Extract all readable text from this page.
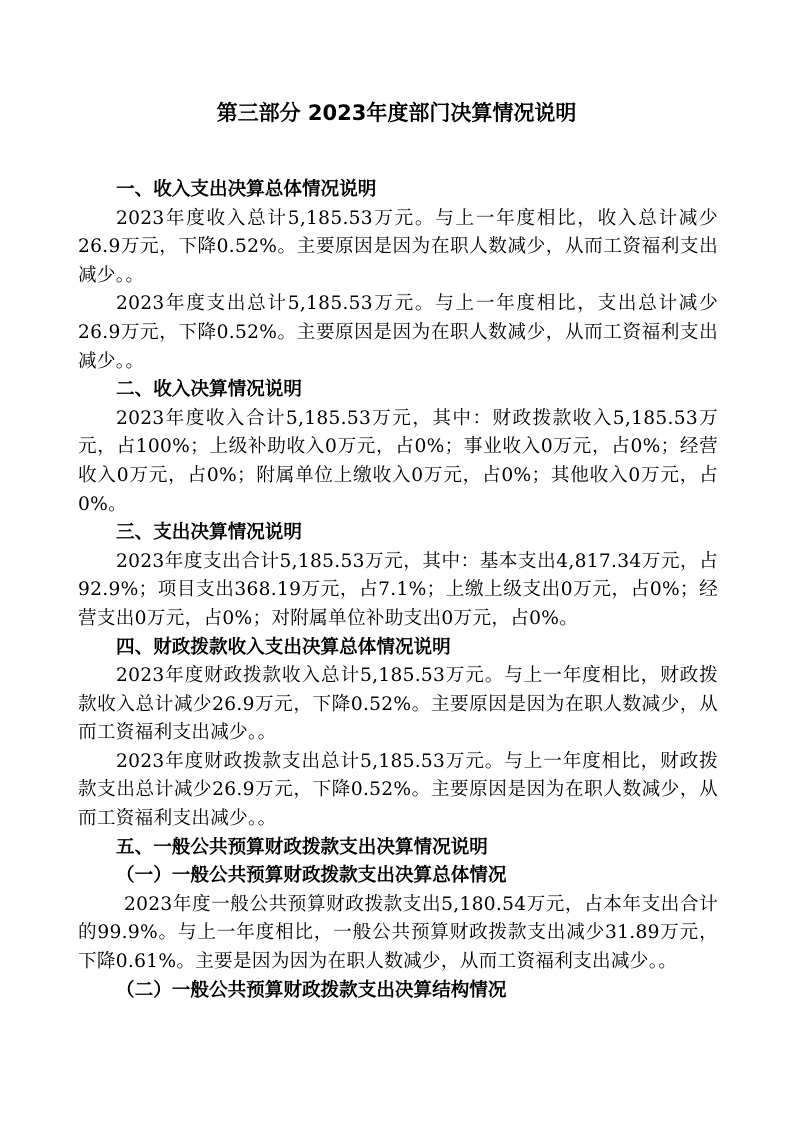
第三部分 2023年度部门决算情况说明
一、收入支出决算总体情况说明
2023年度收入总计5,185.53万元。与上一年度相比，收入总计减少26.9万元，下降0.52%。主要原因是因为在职人数减少，从而工资福利支出减少。。
2023年度支出总计5,185.53万元。与上一年度相比，支出总计减少26.9万元，下降0.52%。主要原因是因为在职人数减少，从而工资福利支出减少。。
二、收入决算情况说明
2023年度收入合计5,185.53万元，其中：财政拨款收入5,185.53万元，占100%；上级补助收入0万元，占0%；事业收入0万元，占0%；经营收入0万元，占0%；附属单位上缴收入0万元，占0%；其他收入0万元，占0%。
三、支出决算情况说明
2023年度支出合计5,185.53万元，其中：基本支出4,817.34万元，占92.9%；项目支出368.19万元，占7.1%；上缴上级支出0万元，占0%；经营支出0万元，占0%；对附属单位补助支出0万元，占0%。
四、财政拨款收入支出决算总体情况说明
2023年度财政拨款收入总计5,185.53万元。与上一年度相比，财政拨款收入总计减少26.9万元，下降0.52%。主要原因是因为在职人数减少，从而工资福利支出减少。。
2023年度财政拨款支出总计5,185.53万元。与上一年度相比，财政拨款支出总计减少26.9万元，下降0.52%。主要原因是因为在职人数减少，从而工资福利支出减少。。
五、一般公共预算财政拨款支出决算情况说明
（一）一般公共预算财政拨款支出决算总体情况
2023年度一般公共预算财政拨款支出5,180.54万元，占本年支出合计的99.9%。与上一年度相比，一般公共预算财政拨款支出减少31.89万元，下降0.61%。主要是因为因为在职人数减少，从而工资福利支出减少。。
（二）一般公共预算财政拨款支出决算结构情况
